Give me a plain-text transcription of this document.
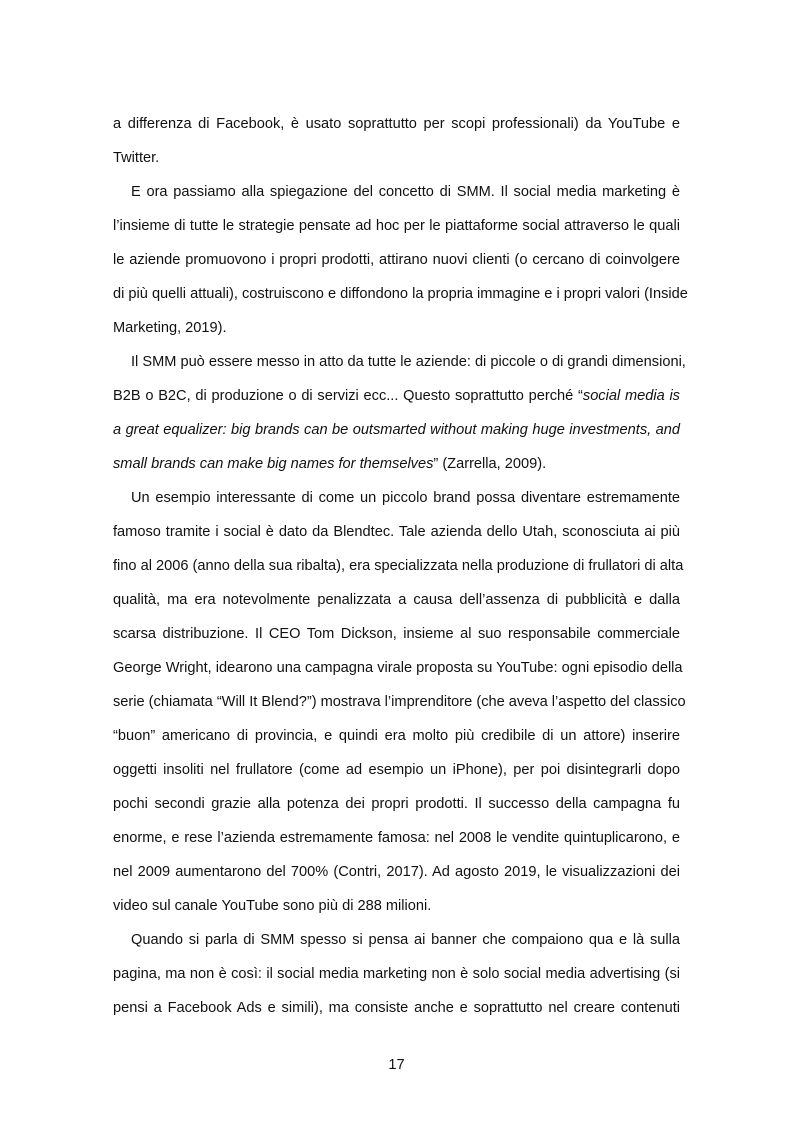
a differenza di Facebook, è usato soprattutto per scopi professionali) da YouTube e
Twitter.

E ora passiamo alla spiegazione del concetto di SMM. Il social media marketing è
l’insieme di tutte le strategie pensate ad hoc per le piattaforme social attraverso le quali
le aziende promuovono i propri prodotti, attirano nuovi clienti (o cercano di coinvolgere
di più quelli attuali), costruiscono e diffondono la propria immagine e i propri valori (Inside
Marketing, 2019).

Il SMM può essere messo in atto da tutte le aziende: di piccole o di grandi dimensioni,
B2B o B2C, di produzione o di servizi ecc... Questo soprattutto perché “social media is
a great equalizer: big brands can be outsmarted without making huge investments, and
small brands can make big names for themselves” (Zarrella, 2009).

Un esempio interessante di come un piccolo brand possa diventare estremamente
famoso tramite i social è dato da Blendtec. Tale azienda dello Utah, sconosciuta ai più
fino al 2006 (anno della sua ribalta), era specializzata nella produzione di frullatori di alta
qualità, ma era notevolmente penalizzata a causa dell’assenza di pubblicità e dalla
scarsa distribuzione. Il CEO Tom Dickson, insieme al suo responsabile commerciale
George Wright, idearono una campagna virale proposta su YouTube: ogni episodio della
serie (chiamata “Will It Blend?”) mostrava l’imprenditore (che aveva l’aspetto del classico
“buon” americano di provincia, e quindi era molto più credibile di un attore) inserire
oggetti insoliti nel frullatore (come ad esempio un iPhone), per poi disintegrarli dopo
pochi secondi grazie alla potenza dei propri prodotti. Il successo della campagna fu
enorme, e rese l’azienda estremamente famosa: nel 2008 le vendite quintuplicarono, e
nel 2009 aumentarono del 700% (Contri, 2017). Ad agosto 2019, le visualizzazioni dei
video sul canale YouTube sono più di 288 milioni.

Quando si parla di SMM spesso si pensa ai banner che compaiono qua e là sulla
pagina, ma non è così: il social media marketing non è solo social media advertising (si
pensi a Facebook Ads e simili), ma consiste anche e soprattutto nel creare contenuti

17
